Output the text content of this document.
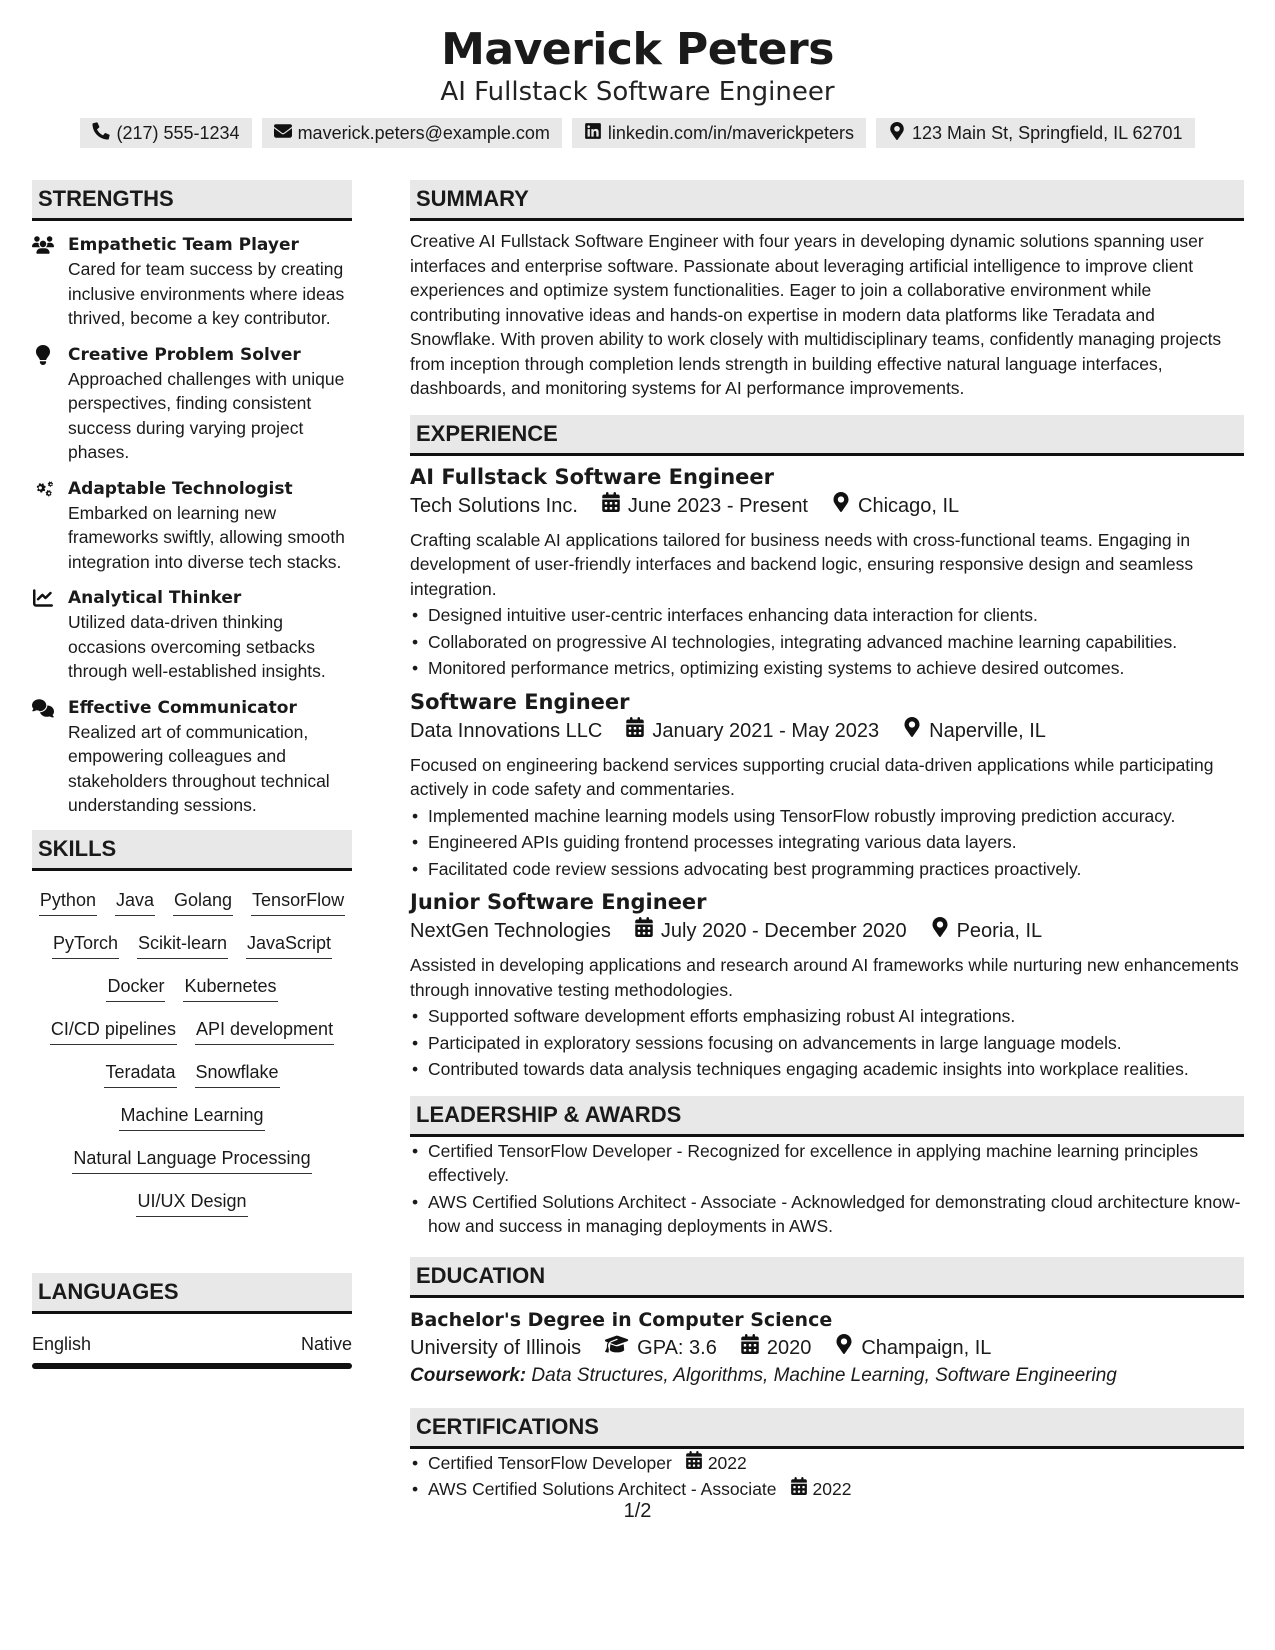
Maverick Peters
AI Fullstack Software Engineer
(217) 555-1234	maverick.peters@example.com	linkedin.com/in/maverickpeters	123 Main St, Springfield, IL 62701
STRENGTHS
Empathetic Team Player
Cared for team success by creating inclusive environments where ideas thrived, become a key contributor.
Creative Problem Solver
Approached challenges with unique perspectives, finding consistent success during varying project phases.
Adaptable Technologist
Embarked on learning new frameworks swiftly, allowing smooth integration into diverse tech stacks.
Analytical Thinker
Utilized data-driven thinking occasions overcoming setbacks through well-established insights.
Effective Communicator
Realized art of communication, empowering colleagues and stakeholders throughout technical understanding sessions.
SKILLS
Python Java Golang TensorFlow
PyTorch Scikit-learn JavaScript
Docker Kubernetes
CI/CD pipelines API development
Teradata Snowflake
Machine Learning
Natural Language Processing
UI/UX Design
LANGUAGES
English	Native
SUMMARY
Creative AI Fullstack Software Engineer with four years in developing dynamic solutions spanning user interfaces and enterprise software. Passionate about leveraging artificial intelligence to improve client experiences and optimize system functionalities. Eager to join a collaborative environment while contributing innovative ideas and hands-on expertise in modern data platforms like Teradata and Snowflake. With proven ability to work closely with multidisciplinary teams, confidently managing projects from inception through completion lends strength in building effective natural language interfaces, dashboards, and monitoring systems for AI performance improvements.
EXPERIENCE
AI Fullstack Software Engineer
Tech Solutions Inc.	June 2023 - Present	Chicago, IL
Crafting scalable AI applications tailored for business needs with cross-functional teams. Engaging in development of user-friendly interfaces and backend logic, ensuring responsive design and seamless integration.
• Designed intuitive user-centric interfaces enhancing data interaction for clients.
• Collaborated on progressive AI technologies, integrating advanced machine learning capabilities.
• Monitored performance metrics, optimizing existing systems to achieve desired outcomes.
Software Engineer
Data Innovations LLC	January 2021 - May 2023	Naperville, IL
Focused on engineering backend services supporting crucial data-driven applications while participating actively in code safety and commentaries.
• Implemented machine learning models using TensorFlow robustly improving prediction accuracy.
• Engineered APIs guiding frontend processes integrating various data layers.
• Facilitated code review sessions advocating best programming practices proactively.
Junior Software Engineer
NextGen Technologies	July 2020 - December 2020	Peoria, IL
Assisted in developing applications and research around AI frameworks while nurturing new enhancements through innovative testing methodologies.
• Supported software development efforts emphasizing robust AI integrations.
• Participated in exploratory sessions focusing on advancements in large language models.
• Contributed towards data analysis techniques engaging academic insights into workplace realities.
LEADERSHIP & AWARDS
• Certified TensorFlow Developer - Recognized for excellence in applying machine learning principles effectively.
• AWS Certified Solutions Architect - Associate - Acknowledged for demonstrating cloud architecture know-how and success in managing deployments in AWS.
EDUCATION
Bachelor's Degree in Computer Science
University of Illinois	GPA: 3.6	2020	Champaign, IL
Coursework: Data Structures, Algorithms, Machine Learning, Software Engineering
CERTIFICATIONS
• Certified TensorFlow Developer 2022
• AWS Certified Solutions Architect - Associate 2022
1/2
